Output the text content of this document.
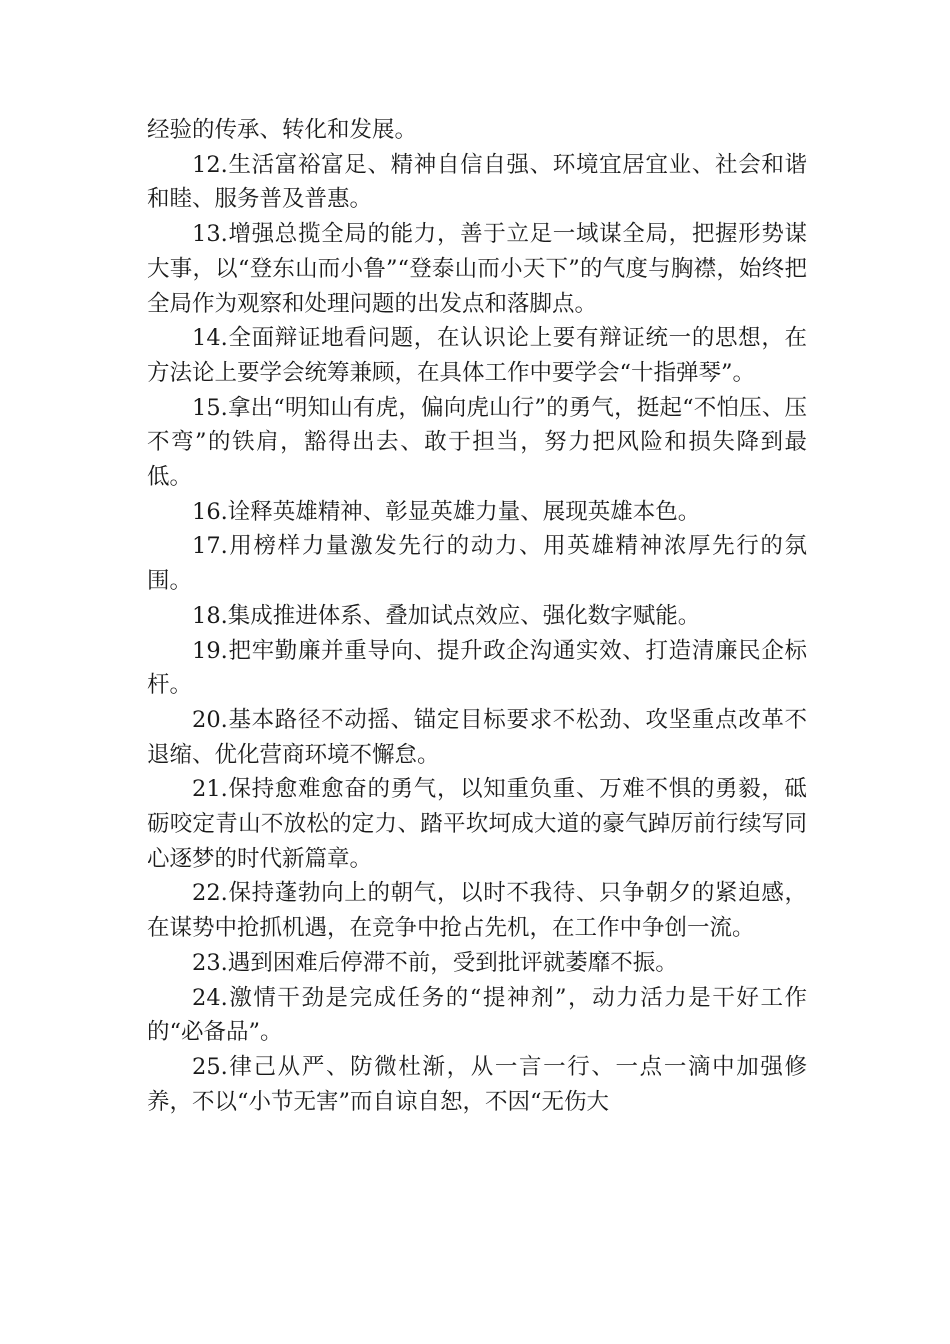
经验的传承、转化和发展。

12.生活富裕富足、精神自信自强、环境宜居宜业、社会和谐和睦、服务普及普惠。

13.增强总揽全局的能力，善于立足一域谋全局，把握形势谋大事，以“登东山而小鲁”“登泰山而小天下”的气度与胸襟，始终把全局作为观察和处理问题的出发点和落脚点。

14.全面辩证地看问题，在认识论上要有辩证统一的思想，在方法论上要学会统筹兼顾，在具体工作中要学会“十指弹琴”。

15.拿出“明知山有虎，偏向虎山行”的勇气，挺起“不怕压、压不弯”的铁肩，豁得出去、敢于担当，努力把风险和损失降到最低。

16.诠释英雄精神、彰显英雄力量、展现英雄本色。

17.用榜样力量激发先行的动力、用英雄精神浓厚先行的氛围。

18.集成推进体系、叠加试点效应、强化数字赋能。

19.把牢勤廉并重导向、提升政企沟通实效、打造清廉民企标杆。

20.基本路径不动摇、锚定目标要求不松劲、攻坚重点改革不退缩、优化营商环境不懈怠。

21.保持愈难愈奋的勇气，以知重负重、万难不惧的勇毅，砥砺咬定青山不放松的定力、踏平坎坷成大道的豪气踔厉前行续写同心逐梦的时代新篇章。

22.保持蓬勃向上的朝气，以时不我待、只争朝夕的紧迫感，在谋势中抢抓机遇，在竞争中抢占先机，在工作中争创一流。

23.遇到困难后停滞不前，受到批评就萎靡不振。

24.激情干劲是完成任务的“提神剂”，动力活力是干好工作的“必备品”。

25.律己从严、防微杜渐，从一言一行、一点一滴中加强修养，不以“小节无害”而自谅自恕，不因“无伤大
